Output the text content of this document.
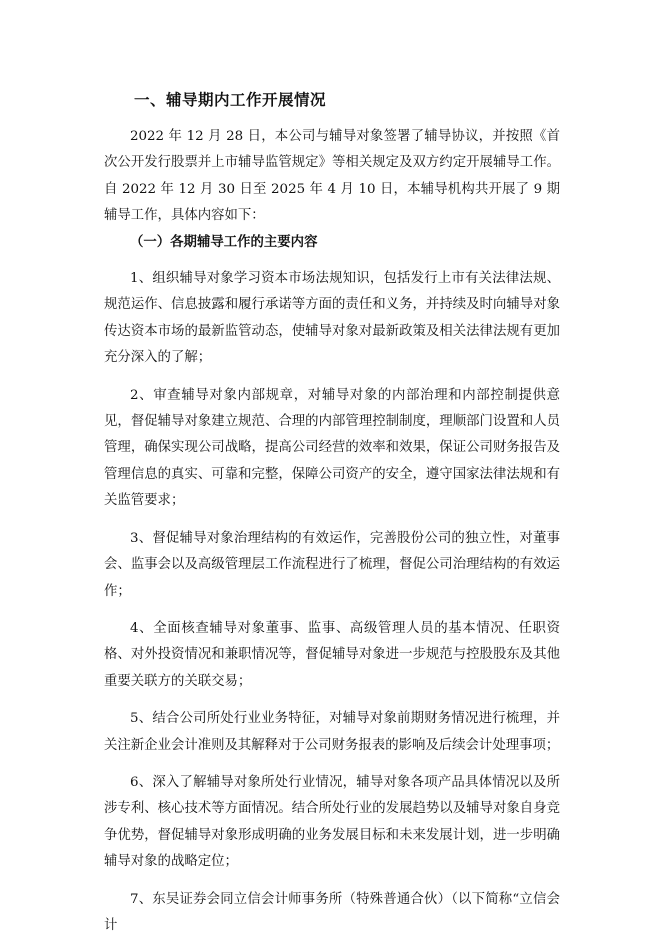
一、辅导期内工作开展情况

2022 年 12 月 28 日，本公司与辅导对象签署了辅导协议，并按照《首次公开发行股票并上市辅导监管规定》等相关规定及双方约定开展辅导工作。自 2022 年 12 月 30 日至 2025 年 4 月 10 日，本辅导机构共开展了 9 期辅导工作，具体内容如下：

（一）各期辅导工作的主要内容

1、组织辅导对象学习资本市场法规知识，包括发行上市有关法律法规、规范运作、信息披露和履行承诺等方面的责任和义务，并持续及时向辅导对象传达资本市场的最新监管动态，使辅导对象对最新政策及相关法律法规有更加充分深入的了解；

2、审查辅导对象内部规章，对辅导对象的内部治理和内部控制提供意见，督促辅导对象建立规范、合理的内部管理控制制度，理顺部门设置和人员管理，确保实现公司战略，提高公司经营的效率和效果，保证公司财务报告及管理信息的真实、可靠和完整，保障公司资产的安全，遵守国家法律法规和有关监管要求；

3、督促辅导对象治理结构的有效运作，完善股份公司的独立性，对董事会、监事会以及高级管理层工作流程进行了梳理，督促公司治理结构的有效运作；

4、全面核查辅导对象董事、监事、高级管理人员的基本情况、任职资格、对外投资情况和兼职情况等，督促辅导对象进一步规范与控股股东及其他重要关联方的关联交易；

5、结合公司所处行业业务特征，对辅导对象前期财务情况进行梳理，并关注新企业会计准则及其解释对于公司财务报表的影响及后续会计处理事项；

6、深入了解辅导对象所处行业情况，辅导对象各项产品具体情况以及所涉专利、核心技术等方面情况。结合所处行业的发展趋势以及辅导对象自身竞争优势，督促辅导对象形成明确的业务发展目标和未来发展计划，进一步明确辅导对象的战略定位；

7、东吴证券会同立信会计师事务所（特殊普通合伙）（以下简称“立信会计
